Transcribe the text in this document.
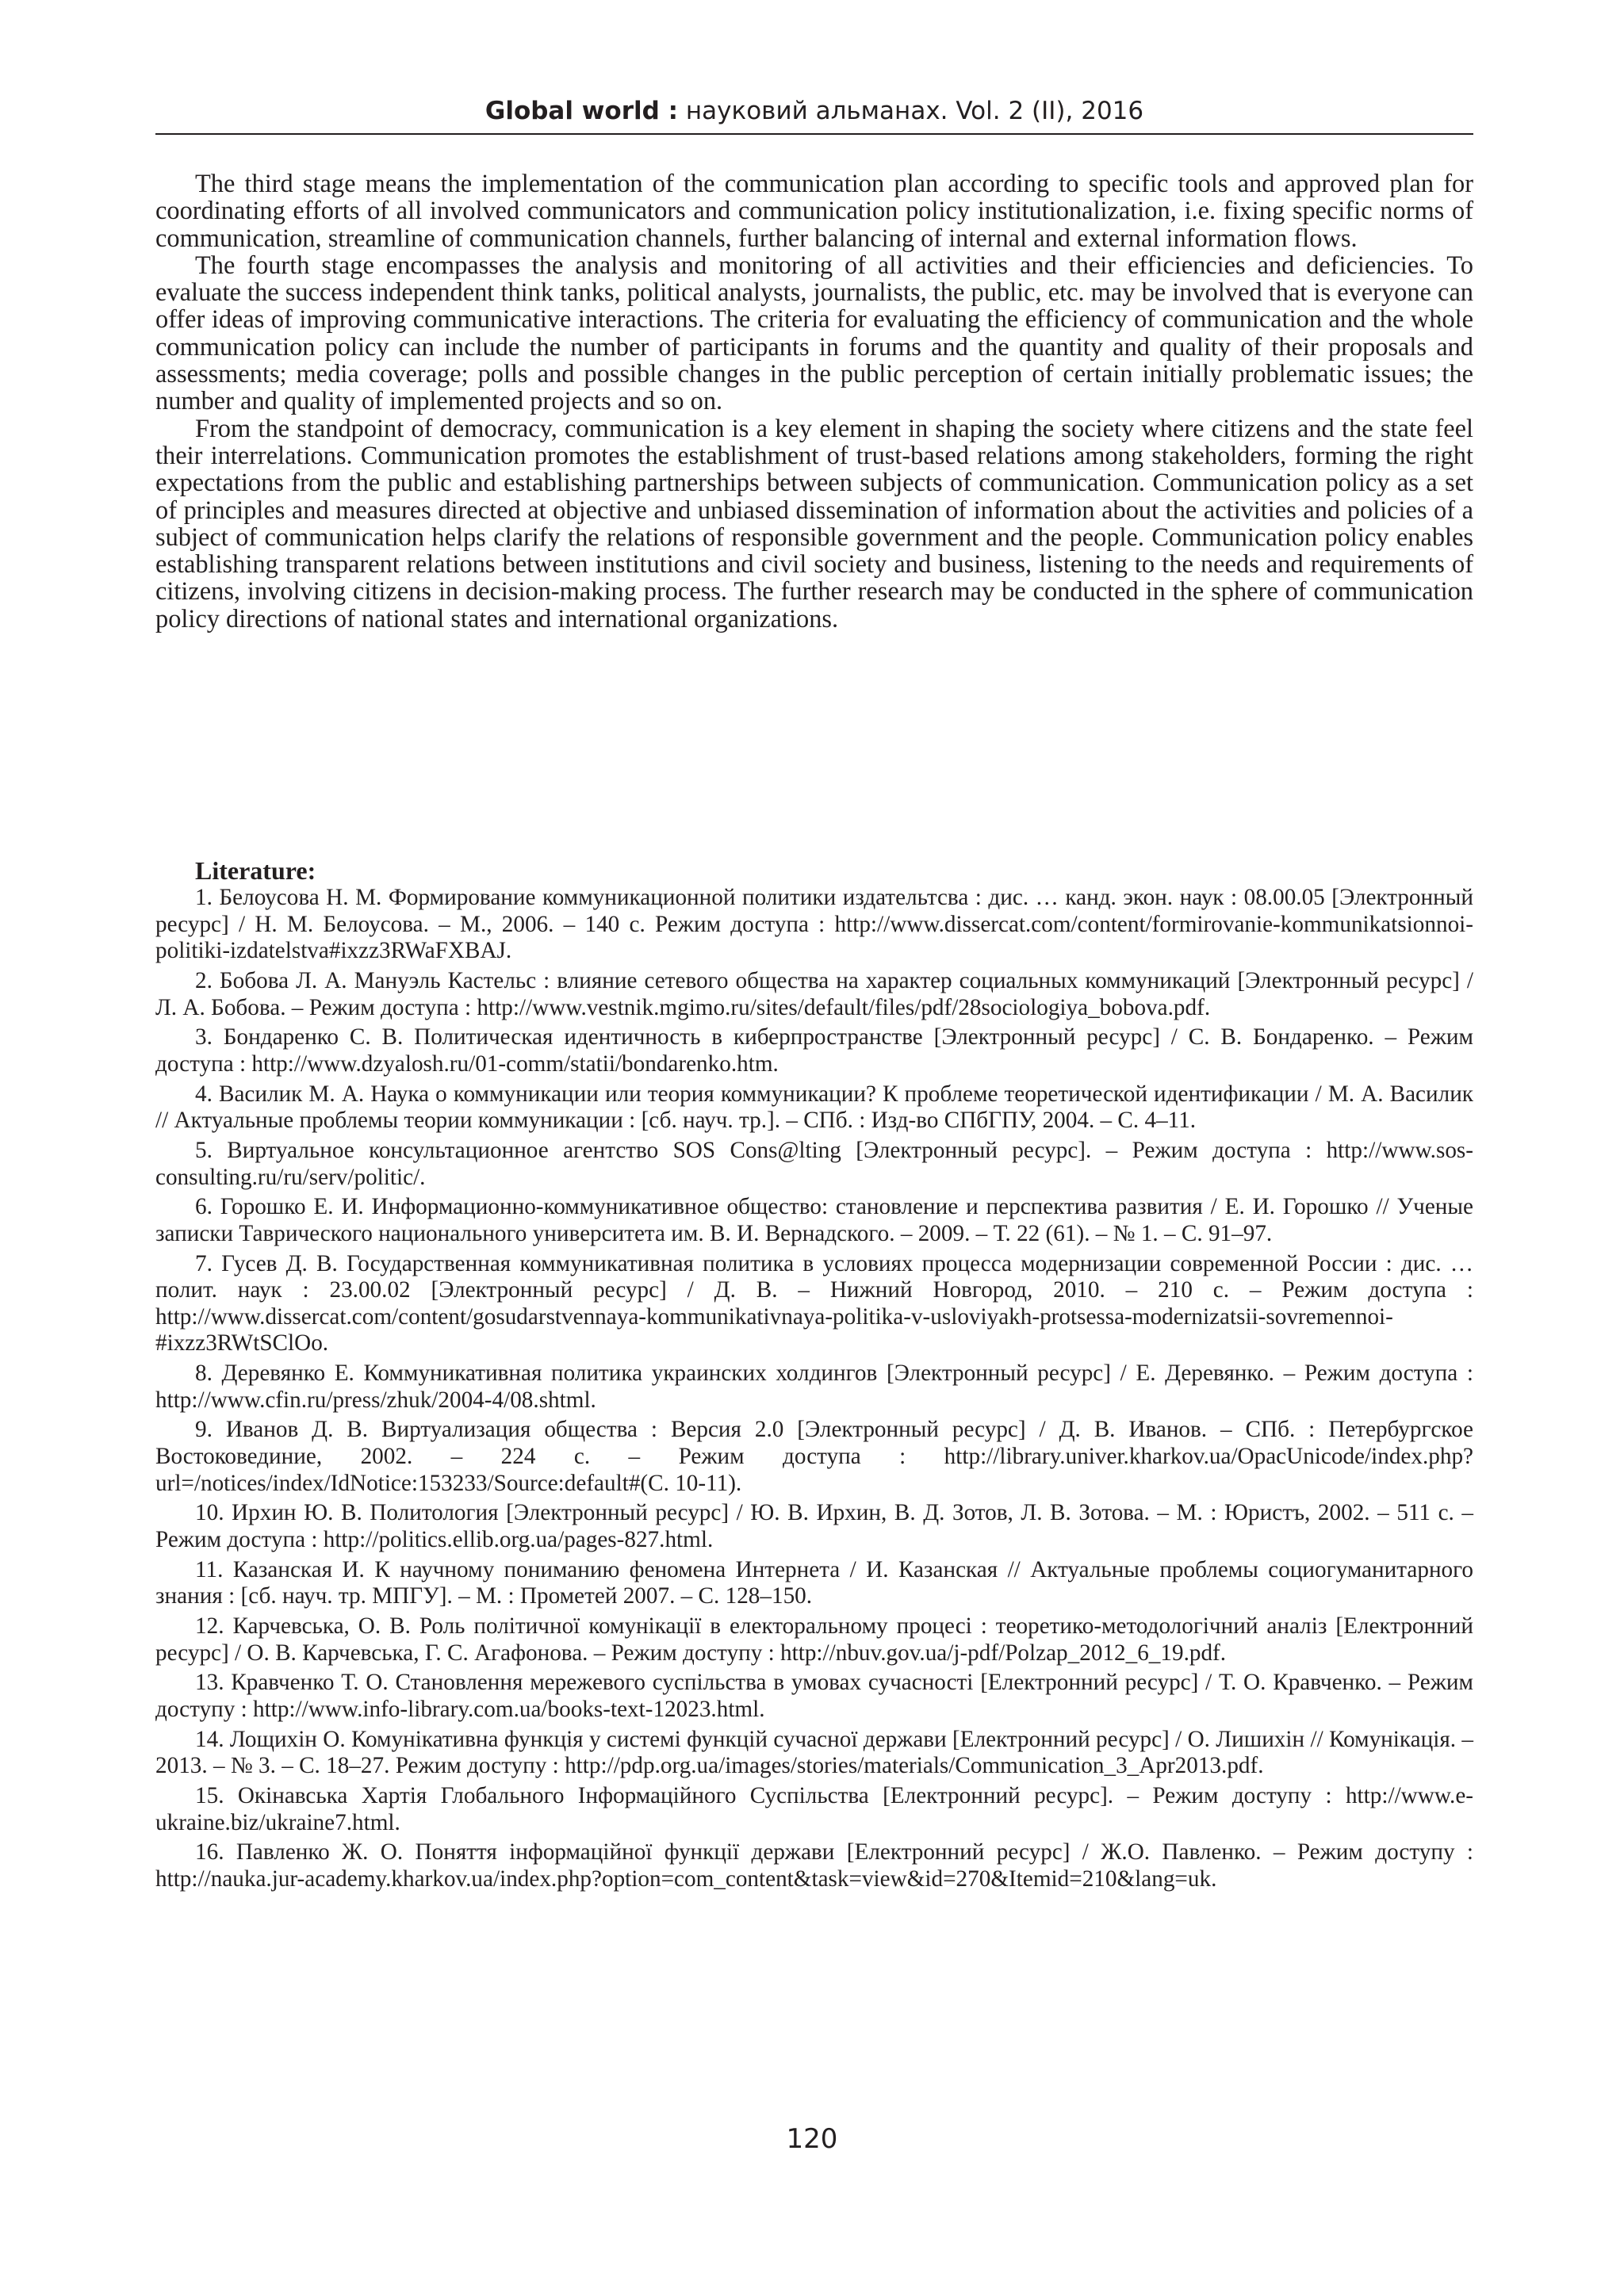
Global world : науковий альманах. Vol. 2 (II), 2016

The third stage means the implementation of the communication plan according to specific tools and approved plan for coordinating efforts of all involved communicators and communication policy institutionalization, i.e. fixing specific norms of communication, streamline of communication channels, further balancing of internal and external information flows.

The fourth stage encompasses the analysis and monitoring of all activities and their efficiencies and deficiencies. To evaluate the success independent think tanks, political analysts, journalists, the public, etc. may be involved that is everyone can offer ideas of improving communicative interactions. The criteria for evaluating the efficiency of communication and the whole communication policy can include the number of participants in forums and the quantity and quality of their proposals and assessments; media coverage; polls and possible changes in the public perception of certain initially problematic issues; the number and quality of implemented projects and so on.

From the standpoint of democracy, communication is a key element in shaping the society where citizens and the state feel their interrelations. Communication promotes the establishment of trust-based relations among stakeholders, forming the right expectations from the public and establishing partnerships between subjects of communication. Communication policy as a set of principles and measures directed at objective and unbiased dissemination of information about the activities and policies of a subject of communication helps clarify the relations of responsible government and the people. Communication policy enables establishing transparent relations between institutions and civil society and business, listening to the needs and requirements of citizens, involving citizens in decision-making process. The further research may be conducted in the sphere of communication policy directions of national states and international organizations.

Literature:

1. Белоусова Н. М. Формирование коммуникационной политики издательтсва : дис. … канд. экон. наук : 08.00.05 [Электронный ресурс] / Н. М. Белоусова. – М., 2006. – 140 с. Режим доступа : http://www.dissercat.com/content/formirovanie-kommunikatsionnoi-politiki-izdatelstva#ixzz3RWaFXBAJ.

2. Бобова Л. А. Мануэль Кастельс : влияние сетевого общества на характер социальных коммуникаций [Электронный ресурс] / Л. А. Бобова. – Режим доступа : http://www.vestnik.mgimo.ru/sites/default/files/pdf/28sociologiya_bobova.pdf.

3. Бондаренко С. В. Политическая идентичность в киберпространстве [Электронный ресурс] / С. В. Бондаренко. – Режим доступа : http://www.dzyalosh.ru/01-comm/statii/bondarenko.htm.

4. Василик М. А. Наука о коммуникации или теория коммуникации? К проблеме теоретической идентификации / М. А. Василик // Актуальные проблемы теории коммуникации : [сб. науч. тр.]. – СПб. : Изд-во СПбГПУ, 2004. – С. 4–11.

5. Виртуальное консультационное агентство SOS Cons@lting [Электронный ресурс]. – Режим доступа : http://www.sos-consulting.ru/ru/serv/politic/.

6. Горошко Е. И. Информационно-коммуникативное общество: становление и перспектива развития / Е. И. Горошко // Ученые записки Таврического национального университета им. В. И. Вернадского. – 2009. – Т. 22 (61). – № 1. – С. 91–97.

7. Гусев Д. В. Государственная коммуникативная политика в условиях процесса модернизации современной России : дис. … полит. наук : 23.00.02 [Электронный ресурс] / Д. В. – Нижний Новгород, 2010. – 210 с. – Режим доступа : http://www.dissercat.com/content/gosudarstvennaya-kommunikativnaya-politika-v-usloviyakh-protsessa-modernizatsii-sovremennoi-#ixzz3RWtSClOo.

8. Деревянко Е. Коммуникативная политика украинских холдингов [Электронный ресурс] / Е. Деревянко. – Режим доступа : http://www.cfin.ru/press/zhuk/2004-4/08.shtml.

9. Иванов Д. В. Виртуализация общества : Версия 2.0 [Электронный ресурс] / Д. В. Иванов. – СПб. : Петербургское Востоковединие, 2002. – 224 с. – Режим доступа : http://library.univer.kharkov.ua/OpacUnicode/index.php?url=/notices/index/IdNotice:153233/Source:default#(С. 10-11).

10. Ирхин Ю. В. Политология [Электронный ресурс] / Ю. В. Ирхин, В. Д. Зотов, Л. В. Зотова. – М. : Юристъ, 2002. – 511 с. – Режим доступа : http://politics.ellib.org.ua/pages-827.html.

11. Казанская И. К научному пониманию феномена Интернета / И. Казанская // Актуальные проблемы социогуманитарного знания : [сб. науч. тр. МПГУ]. – М. : Прометей 2007. – С. 128–150.

12. Карчевська, О. В. Роль політичної комунікації в електоральному процесі : теоретико-методологічний аналіз [Електронний ресурс] / О. В. Карчевська, Г. С. Агафонова. – Режим доступу : http://nbuv.gov.ua/j-pdf/Polzap_2012_6_19.pdf.

13. Кравченко Т. О. Становлення мережевого суспільства в умовах сучасності [Електронний ресурс] / Т. О. Кравченко. – Режим доступу : http://www.info-library.com.ua/books-text-12023.html.

14. Лощихін О. Комунікативна функція у системі функцій сучасної держави [Електронний ресурс] / О. Лишихін // Комунікація. – 2013. – № 3. – С. 18–27. Режим доступу : http://pdp.org.ua/images/stories/materials/Communication_3_Apr2013.pdf.

15. Окінавська Хартія Глобального Інформаційного Суспільства [Електронний ресурс]. – Режим доступу : http://www.e-ukraine.biz/ukraine7.html.

16. Павленко Ж. О. Поняття інформаційної функції держави [Електронний ресурс] / Ж.О. Павленко. – Режим доступу : http://nauka.jur-academy.kharkov.ua/index.php?option=com_content&task=view&id=270&Itemid=210&lang=uk.

120
